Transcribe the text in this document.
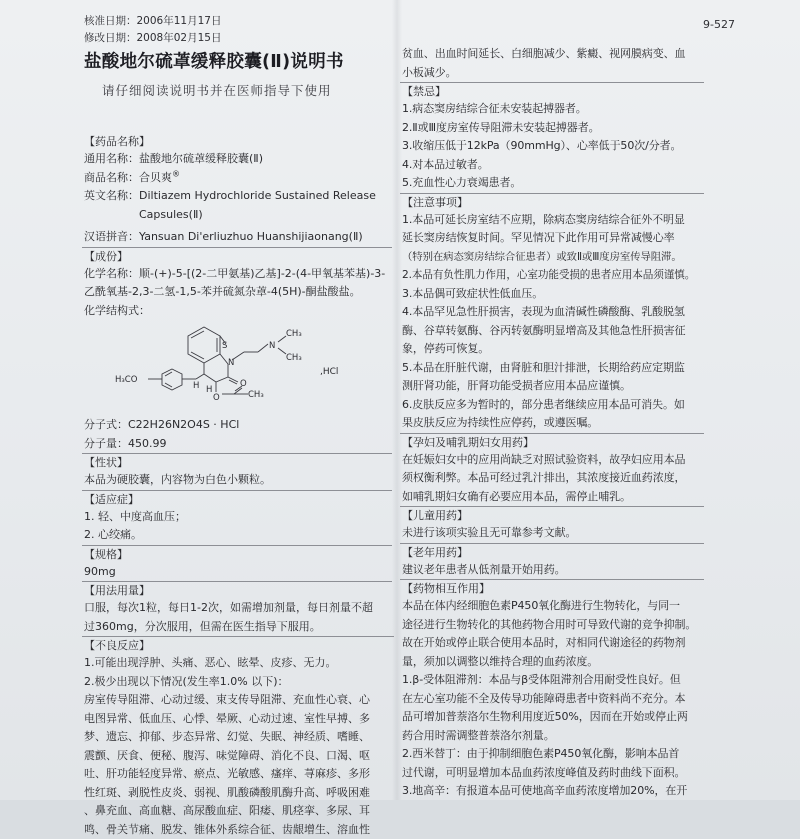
核准日期：2006年11月17日
修改日期：2008年02月15日
9-527
盐酸地尔硫䓬缓释胶囊(Ⅱ)说明书
请仔细阅读说明书并在医师指导下使用
【药品名称】
通用名称：盐酸地尔硫䓬缓释胶囊(Ⅱ)
商品名称：合贝爽®
英文名称： Diltiazem Hydrochloride Sustained Release
Capsules(Ⅱ)
汉语拼音：Yansuan Di'erliuzhuo Huanshijiaonang(Ⅱ)
【成份】
化学名称：顺-(+)-5-[(2-二甲氨基)乙基]-2-(4-甲氧基苯基)-3-
乙酰氧基-2,3-二氢-1,5-苯并硫氮杂䓬-4(5H)-酮盐酸盐。
化学结构式：
H₃CO
S
N
N
O
O
CH₃
CH₃
CH₃
H H
,HCl
分子式：C22H26N2O4S · HCl
分子量：450.99
【性状】
本品为硬胶囊，内容物为白色小颗粒。
【适应症】
1. 轻、中度高血压；
2. 心绞痛。
【规格】
90mg
【用法用量】
口服，每次1粒，每日1-2次，如需增加剂量，每日剂量不超
过360mg，分次服用，但需在医生指导下服用。
【不良反应】
1.可能出现浮肿、头痛、恶心、眩晕、皮疹、无力。
2.极少出现以下情况(发生率1.0% 以下)：
房室传导阻滞、心动过缓、束支传导阻滞、充血性心衰、心
电图异常、低血压、心悸、晕厥、心动过速、室性早搏、多
梦、遗忘、抑郁、步态异常、幻觉、失眠、神经质、嗜睡、
震颤、厌食、便秘、腹泻、味觉障碍、消化不良、口渴、呕
吐、肝功能轻度异常、瘀点、光敏感、瘙痒、荨麻疹、多形
性红斑、剥脱性皮炎、弱视、肌酸磷酸肌酶升高、呼吸困难
、鼻充血、高血糖、高尿酸血症、阳痿、肌痉挛、多尿、耳
鸣、骨关节痛、脱发、锥体外系综合征、齿龈增生、溶血性
贫血、出血时间延长、白细胞减少、紫癜、视网膜病变、血
小板减少。
【禁忌】
1.病态窦房结综合征未安装起搏器者。
2.Ⅱ或Ⅲ度房室传导阻滞未安装起搏器者。
3.收缩压低于12kPa（90mmHg）、心率低于50次/分者。
4.对本品过敏者。
5.充血性心力衰竭患者。
【注意事项】
1.本品可延长房室结不应期，除病态窦房结综合征外不明显
延长窦房结恢复时间。罕见情况下此作用可异常减慢心率
（特别在病态窦房结综合征患者）或致Ⅱ或Ⅲ度房室传导阻滞。
2.本品有负性肌力作用，心室功能受损的患者应用本品须谨慎。
3.本品偶可致症状性低血压。
4.本品罕见急性肝损害，表现为血清碱性磷酸酶、乳酸脱氢
酶、谷草转氨酶、谷丙转氨酶明显增高及其他急性肝损害征
象，停药可恢复。
5.本品在肝脏代谢，由肾脏和胆汁排泄，长期给药应定期监
测肝肾功能，肝肾功能受损者应用本品应谨慎。
6.皮肤反应多为暂时的，部分患者继续应用本品可消失。如
果皮肤反应为持续性应停药，或遵医嘱。
【孕妇及哺乳期妇女用药】
在妊娠妇女中的应用尚缺乏对照试验资料，故孕妇应用本品
须权衡利弊。本品可经过乳汁排出，其浓度接近血药浓度，
如哺乳期妇女确有必要应用本品，需停止哺乳。
【儿童用药】
未进行该项实验且无可靠参考文献。
【老年用药】
建议老年患者从低剂量开始用药。
【药物相互作用】
本品在体内经细胞色素P450氧化酶进行生物转化，与同一
途径进行生物转化的其他药物合用时可导致代谢的竞争抑制。
故在开始或停止联合使用本品时，对相同代谢途径的药物剂
量，须加以调整以维持合理的血药浓度。
1.β-受体阻滞剂：本品与β受体阻滞剂合用耐受性良好。但
在左心室功能不全及传导功能障碍患者中资料尚不充分。本
品可增加普萘洛尔生物利用度近50%，因而在开始或停止两
药合用时需调整普萘洛尔剂量。
2.西米替丁：由于抑制细胞色素P450氧化酶，影响本品首
过代谢，可明显增加本品血药浓度峰值及药时曲线下面积。
3.地高辛：有报道本品可使地高辛血药浓度增加20%，在开
